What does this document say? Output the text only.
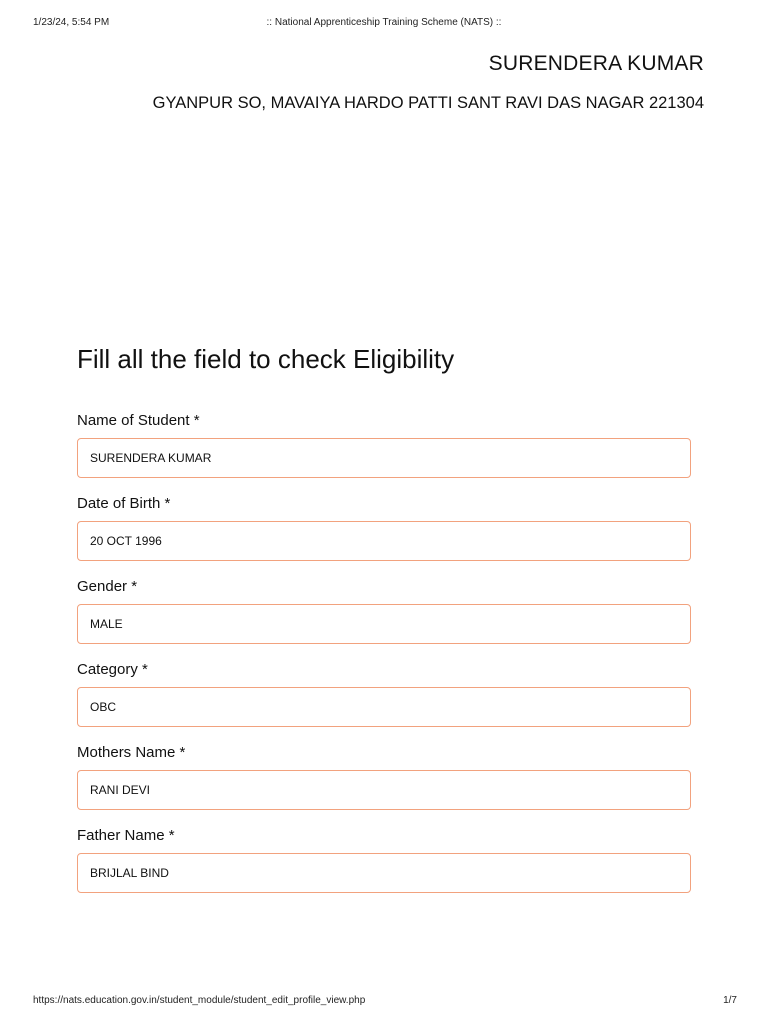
1/23/24, 5:54 PM	:: National Apprenticeship Training Scheme (NATS) ::
SURENDERA KUMAR
GYANPUR SO, MAVAIYA HARDO PATTI SANT RAVI DAS NAGAR 221304
Fill all the field to check Eligibility
Name of Student *
SURENDERA KUMAR
Date of Birth *
20 OCT 1996
Gender *
MALE
Category *
OBC
Mothers Name *
RANI DEVI
Father Name *
BRIJLAL BIND
https://nats.education.gov.in/student_module/student_edit_profile_view.php	1/7
